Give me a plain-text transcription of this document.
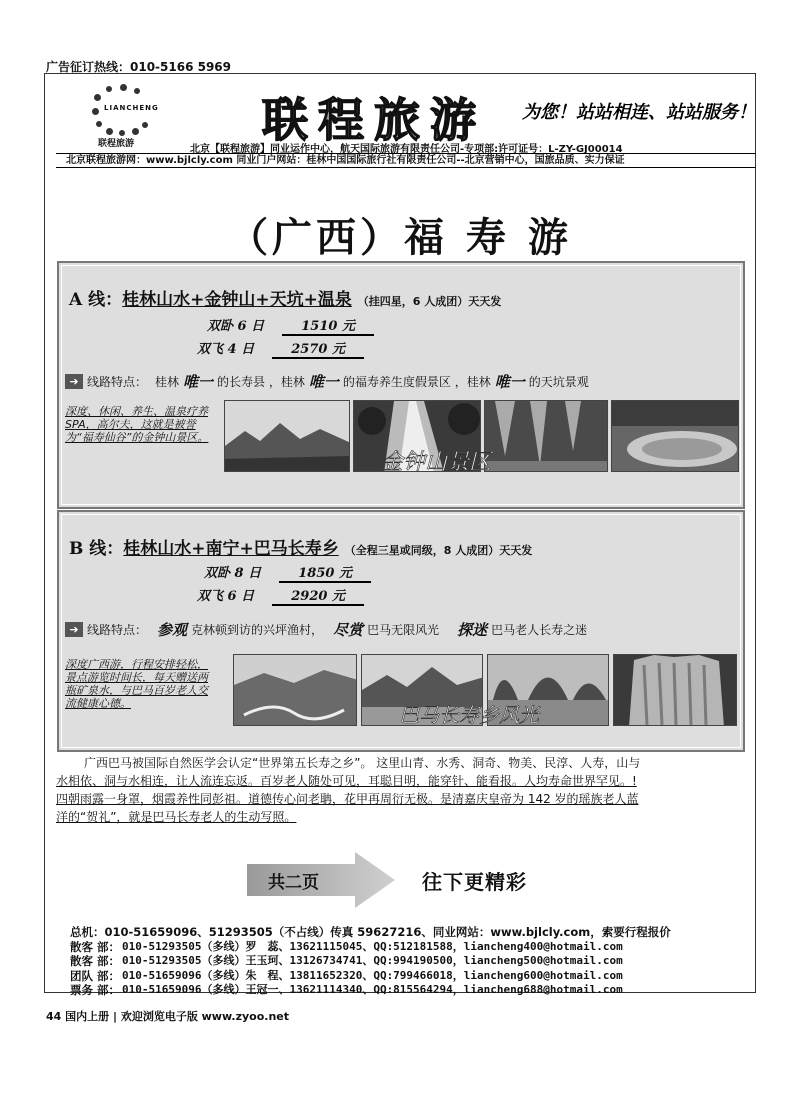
广告征订热线：010-5166 5969
LIANCHENG
联程旅游	联程旅游 为您！站站相连、站站服务！
北京【联程旅游】同业运作中心，航天国际旅游有限责任公司-专项部:许可证号：L-ZY-GJ00014
北京联程旅游网：www.bjlcly.com 同业门户网站：桂林中国国际旅行社有限责任公司--北京营销中心，国旅品质、实力保证
（广西）福 寿 游
A 线：桂林山水+金钟山+天坑+温泉 （挂四星，6 人成团）天天发
双卧 6 日	1510 元
双飞 4 日	2570 元
➔ 线路特点： 桂林 唯一 的长寿县 ，桂林 唯一 的福寿养生度假景区 ，桂林 唯一 的天坑景观
深度、休闲、养生、温泉疗养 SPA，高尔夫，这就是被誉为“福寿仙谷”的金钟山景区。
金钟山景区
B 线：桂林山水+南宁+巴马长寿乡 （全程三星或同级，8 人成团）天天发
双卧 8 日	1850 元
双飞 6 日	2920 元
➔ 线路特点： 参观 克林顿到访的兴坪渔村， 尽赏 巴马无限风光 探迷 巴马老人长寿之迷
深度广西游，行程安排轻松，景点游览时间长，每天赠送两瓶矿泉水，与巴马百岁老人交流健康心德。	巴马长寿乡风光
广西巴马被国际自然医学会认定“世界第五长寿之乡”。 这里山青、水秀、洞奇、物美、民淳、人寿，山与
水相依、洞与水相连，让人流连忘返。百岁老人随处可见，耳聪目明，能穿针、能看报。人均寿命世界罕见。!
四朝雨露一身罩，烟霞养性同彭祖。道德传心问老聃，花甲再周衍无极。是清嘉庆皇帝为 142 岁的瑶族老人蓝
洋的“贺礼”，就是巴马长寿老人的生动写照。
共二页	往下更精彩
总机：010-51659096、51293505（不占线）传真 59627216、同业网站：www.bjlcly.com，索要行程报价
散客 部： 010-51293505（多线）罗　蕊、13621115045、QQ:512181588，liancheng400@hotmail.com
散客 部： 010-51293505（多线）王玉珂、13126734741、QQ:994190500，liancheng500@hotmail.com
团队 部： 010-51659096（多线）朱　程、13811652320、QQ:799466018，liancheng600@hotmail.com
票务 部： 010-51659096（多线）王冠一、13621114340、QQ:815564294，liancheng688@hotmail.com
44 国内上册 | 欢迎浏览电子版 www.zyoo.net
